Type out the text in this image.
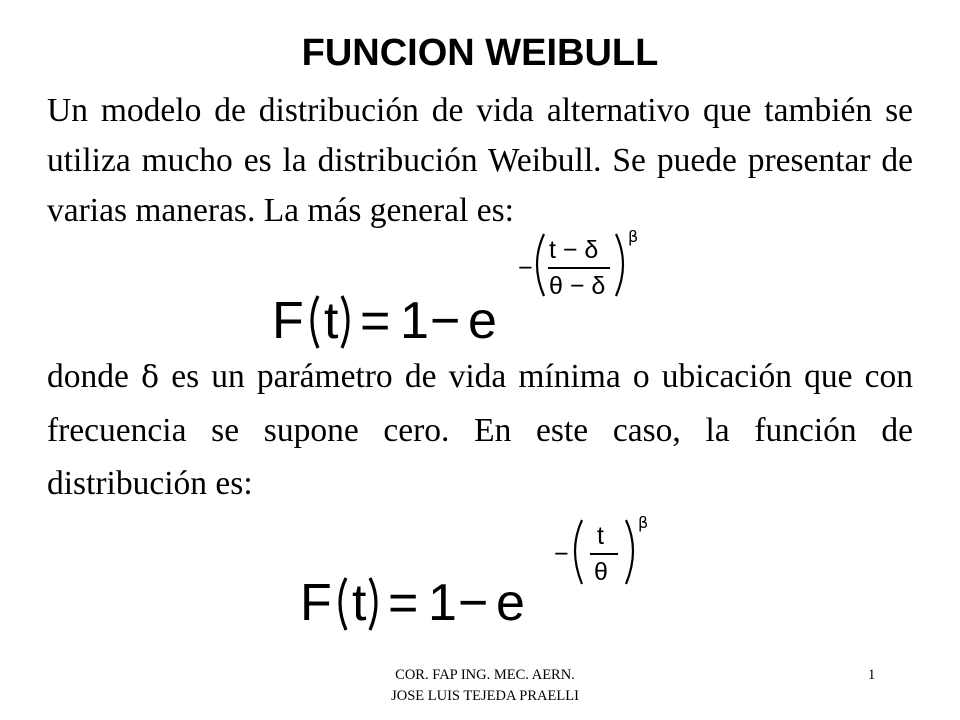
FUNCION WEIBULL

Un modelo de distribución de vida alternativo que también se utiliza mucho es la distribución Weibull. Se puede presentar de varias maneras. La más general es:

F t = 1 − e
−
t − δ
θ − δ
β

donde δ es un parámetro de vida mínima o ubicación que con frecuencia se supone cero. En este caso, la función de distribución es:

F t = 1 − e
−
t
θ
β
COR. FAP ING. MEC. AERN.
JOSE LUIS TEJEDA PRAELLI
1
